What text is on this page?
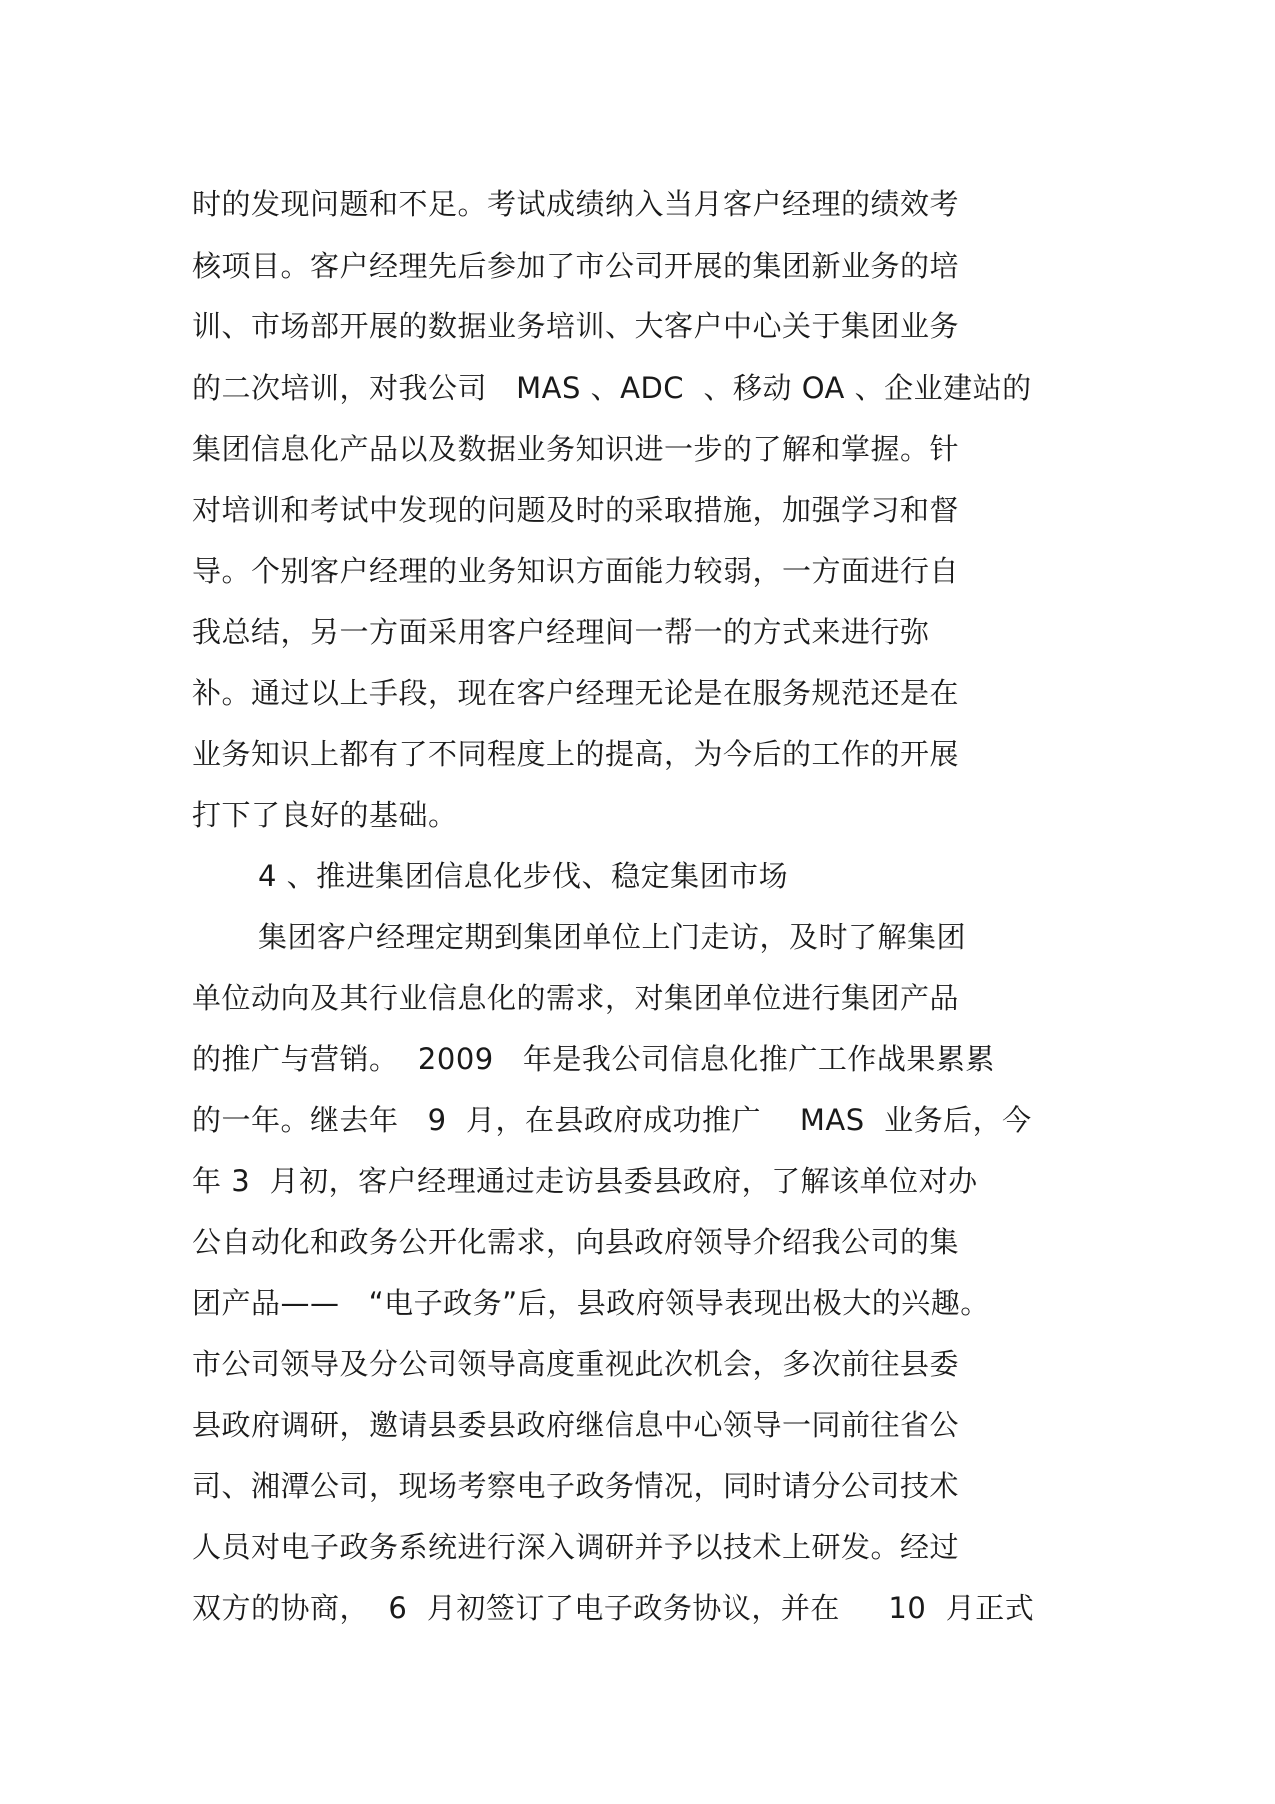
时的发现问题和不足。考试成绩纳入当月客户经理的绩效考
核项目。客户经理先后参加了市公司开展的集团新业务的培
训、市场部开展的数据业务培训、大客户中心关于集团业务
的二次培训，对我公司   MAS 、ADC  、移动 OA 、企业建站的
集团信息化产品以及数据业务知识进一步的了解和掌握。针
对培训和考试中发现的问题及时的采取措施，加强学习和督
导。个别客户经理的业务知识方面能力较弱，一方面进行自
我总结，另一方面采用客户经理间一帮一的方式来进行弥
补。通过以上手段，现在客户经理无论是在服务规范还是在
业务知识上都有了不同程度上的提高，为今后的工作的开展
打下了良好的基础。
4 、推进集团信息化步伐、稳定集团市场
集团客户经理定期到集团单位上门走访，及时了解集团
单位动向及其行业信息化的需求，对集团单位进行集团产品
的推广与营销。  2009   年是我公司信息化推广工作战果累累
的一年。继去年   9  月，在县政府成功推广    MAS  业务后，今
年 3  月初，客户经理通过走访县委县政府，了解该单位对办
公自动化和政务公开化需求，向县政府领导介绍我公司的集
团产品——   “电子政务”后，县政府领导表现出极大的兴趣。
市公司领导及分公司领导高度重视此次机会，多次前往县委
县政府调研，邀请县委县政府继信息中心领导一同前往省公
司、湘潭公司，现场考察电子政务情况，同时请分公司技术
人员对电子政务系统进行深入调研并予以技术上研发。经过
双方的协商，  6  月初签订了电子政务协议，并在     10  月正式
